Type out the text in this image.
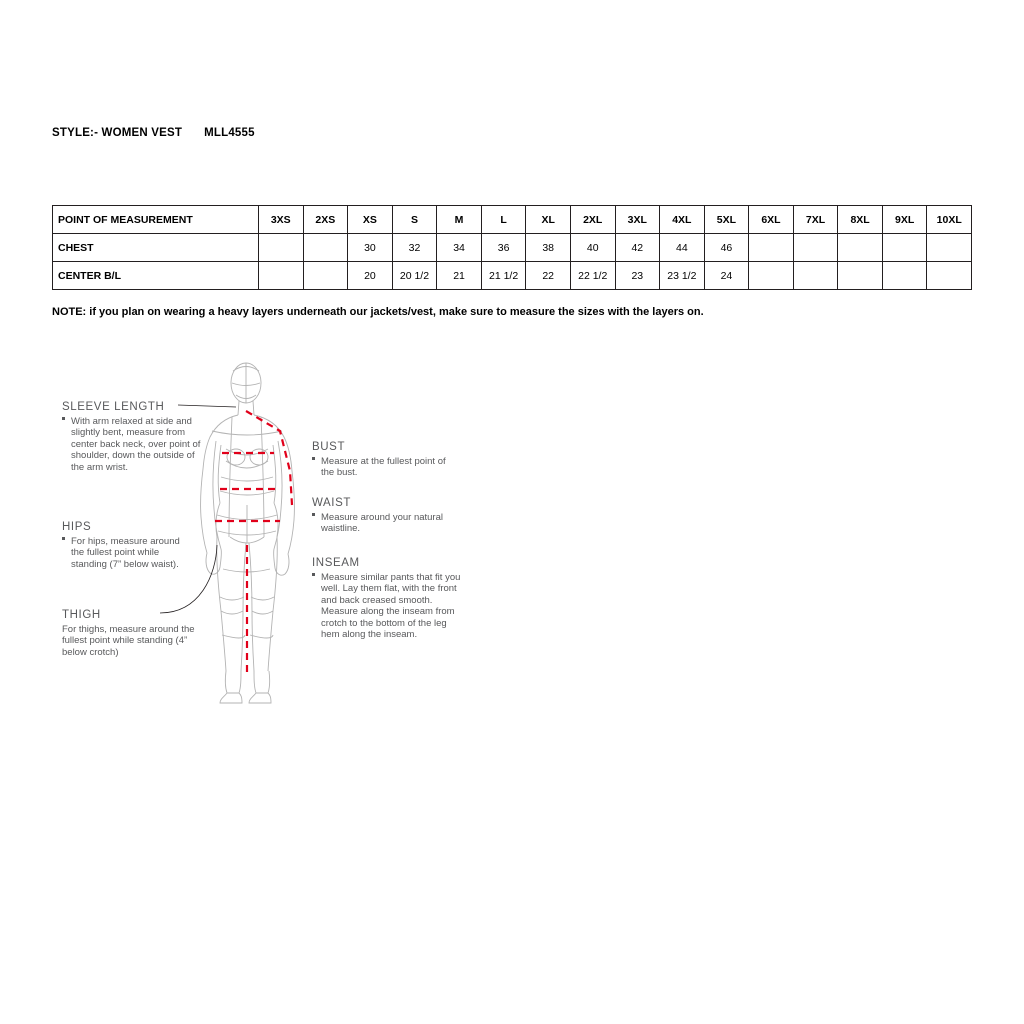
STYLE:- WOMEN VEST MLL4555
POINT OF MEASUREMENT	3XS	2XS	XS	S	M	L	XL	2XL	3XL	4XL	5XL	6XL	7XL	8XL	9XL	10XL
CHEST			30	32	34	36	38	40	42	44	46					
CENTER B/L			20	20 1/2	21	21 1/2	22	22 1/2	23	23 1/2	24					
NOTE: if you plan on wearing a heavy layers underneath our jackets/vest, make sure to measure the sizes with the layers on.
SLEEVE LENGTH
With arm relaxed at side and slightly bent, measure from center back neck, over point of shoulder, down the outside of the arm wrist.
HIPS
For hips, measure around the fullest point while standing (7” below waist).
THIGH
For thighs, measure around the fullest point while standing (4” below crotch)
BUST
Measure at the fullest point of the bust.
WAIST
Measure around your natural waistline.
INSEAM
Measure similar pants that fit you well. Lay them flat, with the front and back creased smooth. Measure along the inseam from crotch to the bottom of the leg hem along the inseam.
